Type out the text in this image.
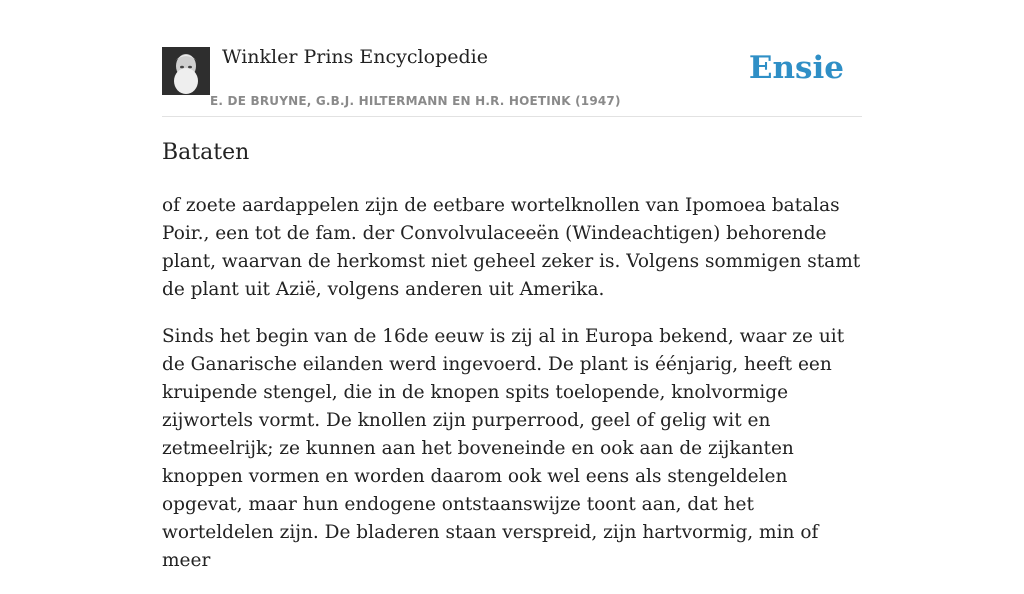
Winkler Prins Encyclopedie
E. DE BRUYNE, G.B.J. HILTERMANN EN H.R. HOETINK (1947)
Ensie
Bataten

of zoete aardappelen zijn de eetbare wortelknollen van Ipomoea batalas Poir., een tot de fam. der Convolvulaceeën (Windeachtigen) behorende plant, waarvan de herkomst niet geheel zeker is. Volgens sommigen stamt de plant uit Azië, volgens anderen uit Amerika.

Sinds het begin van de 16de eeuw is zij al in Europa bekend, waar ze uit de Ganarische eilanden werd ingevoerd. De plant is éénjarig, heeft een kruipende stengel, die in de knopen spits toelopende, knolvormige zijwortels vormt. De knollen zijn purperrood, geel of gelig wit en zetmeelrijk; ze kunnen aan het boveneinde en ook aan de zijkanten knoppen vormen en worden daarom ook wel eens als stengeldelen opgevat, maar hun endogene ontstaanswijze toont aan, dat het worteldelen zijn. De bladeren staan verspreid, zijn hartvormig, min of meer
